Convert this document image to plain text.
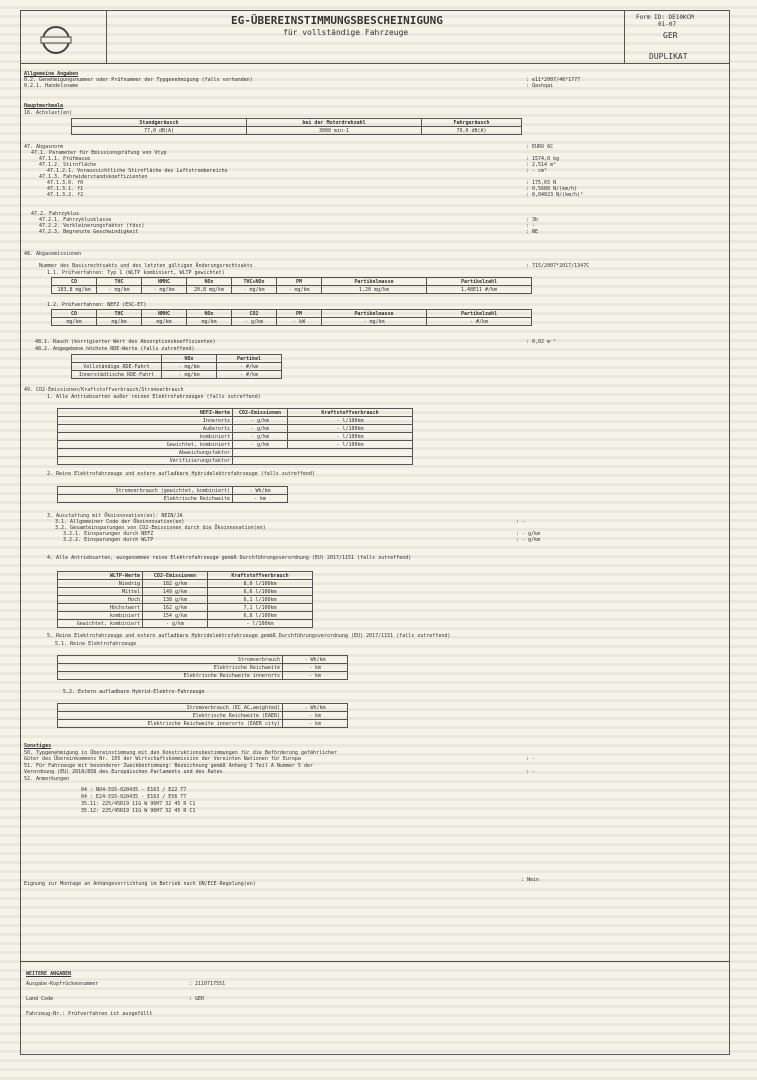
EG-ÜBEREINSTIMMUNGSBESCHEINIGUNG
für vollständige Fahrzeuge
Form ID: DE10KCM
01-07
GER
DUPLIKAT
Allgemeine Angaben
0.2. Genehmigungsnummer oder Prüfnummer der Typgenehmigung (falls vorhanden)	: e11*2007/46*1777
0.2.1. Handelsname	: Qashqai
Hauptmerkmale
16. Achslast(en)
Standgeräusch	bei der Motordrehzahl	Fahrgeräusch
77,0 dB(A)	3000 min-1	70,0 dB(A)
47. Abgasnorm	: EURO 6C
47.1. Parameter für Emissionsprüfung von Vtyp
47.1.1. Prüfmasse	: 1574,0 kg
47.1.2. Stirnfläche	: 2,514 m²
47.1.2.1. Voraussichtliche Stirnfläche des Luftstrombereichs	: - cm²
47.1.3. Fahrwiderstandskoeffizienten
47.1.3.0. f0	: 175,65 N
47.1.3.1. f1	: 0,5680 N/(km/h)
47.1.3.2. f2	: 0,04023 N/(km/h)²
47.2. Fahrzyklus
47.2.1. Fahrzyklusklasse	: 3b
47.2.2. Verkleinerungsfaktor (fdsc)	: -
47.2.3. Begrenzte Geschwindigkeit	: NE
48. Abgasemissionen
Nummer des Basisrechtsakts und des letzten gültigen Änderungsrechtsakts	: 715/2007*2017/1347C
1.1. Prüfverfahren: Typ 1 (WLTP kombiniert, WLTP gewichtet)
CO	THC	NMHC	NOx	THC+NOx	PM	Partikelmasse	Partikelzahl
183,8 mg/km	- mg/km	- mg/km	20,8 mg/km	- mg/km	- mg/km	1,20 mg/km	1,48E11 #/km
1.2. Prüfverfahren: NEFZ (ESC-ET)
CO	THC	NMHC	NOx	CO2	PM	Partikelmasse	Partikelzahl
mg/km	mg/km	mg/km	mg/km	- g/km	- kW	- mg/km	- #/km
48.1. Rauch (korrigierter Wert des Absorptionskoeffizienten)	: 0,02 m⁻¹
48.2. Angegebene höchste RDE-Werte (falls zutreffend)
	NOx	Partikel
Vollständige RDE-Fahrt	- mg/km	- #/km
Innerstädtische RDE-Fahrt	- mg/km	- #/km
49. CO2-Emissionen/Kraftstoffverbrauch/Stromverbrauch
1. Alle Antriebsarten außer reinen Elektrofahrzeugen (falls zutreffend)
NEFZ-Werte	CO2-Emissionen	Kraftstoffverbrauch
Innerorts	- g/km	- l/100km
Außerorts	- g/km	- l/100km
kombiniert	- g/km	- l/100km
Gewichtet, kombiniert	- g/km	- l/100km
Abweichungsfaktor		
Verifizierungsfaktor		
2. Reine Elektrofahrzeuge und extern aufladbare Hybridelektrofahrzeuge (falls zutreffend)
Stromverbrauch (gewichtet, kombiniert)	- Wh/km
Elektrische Reichweite	- km
3. Ausstattung mit Ökoinnovation(en): NEIN/JA
3.1. Allgemeiner Code der Ökoinnovation(en)	: -
3.2. Gesamteinsparungen von CO2-Emissionen durch die Ökoinnovation(en)
3.2.1. Einsparungen durch NEFZ	: - g/km
3.2.2. Einsparungen durch WLTP	: - g/km
4. Alle Antriebsarten, ausgenommen reine Elektrofahrzeuge gemäß Durchführungsverordnung (EU) 2017/1151 (falls zutreffend)
WLTP-Werte	CO2-Emissionen	Kraftstoffverbrauch
Niedrig	182 g/km	8,0 l/100km
Mittel	149 g/km	6,6 l/100km
Hoch	138 g/km	6,1 l/100km
Höchstwert	162 g/km	7,1 l/100km
kombiniert	154 g/km	6,8 l/100km
Gewichtet, kombiniert	- g/km	- l/100km
5. Reine Elektrofahrzeuge und extern aufladbare Hybridelektrofahrzeuge gemäß Durchführungsverordnung (EU) 2017/1151 (falls zutreffend)
5.1. Reine Elektrofahrzeuge
Stromverbrauch	- Wh/km
Elektrische Reichweite	- km
Elektrische Reichweite innerorts	- km
5.2. Extern aufladbare Hybrid-Elektro-Fahrzeuge
Stromverbrauch (EC_AC,weighted)	- Wh/km
Elektrische Reichweite (EAER)	- km
Elektrische Reichweite innerorts (EAER city)	- km
Sonstiges
50. Typgenehmigung in Übereinstimmung mit den Konstruktionsbestimmungen für die Beförderung gefährlicher
Güter des Übereinkommens Nr. 105 der Wirtschaftskommission der Vereinten Nationen für Europa	: -
51. Für Fahrzeuge mit besonderer Zweckbestimmung: Bezeichnung gemäß Anhang I Teil A Nummer 5 der
Verordnung (EU) 2018/858 des Europäischen Parlaments und des Rates	: -
52. Anmerkungen
04 : NO4-5S5-020435 - E163 / E22 T7
04 : E24-5S5-020435 - E163 / E56 T7
35.11: 225/45R19 11G W 96H7 32 45 R C1
35.12: 225/45R19 11G W 96H7 32 45 R C1
Eignung zur Montage an Anhängevorrichtung im Betrieb nach UN/ECE-Regelung(en)
: Nein
WEITERE ANGABEN
Ausgabe-Kopfrückennummer	: 2110717551
Land Code	: GER
Fahrzeug-Nr.: Prüfverfahren ist ausgefüllt
